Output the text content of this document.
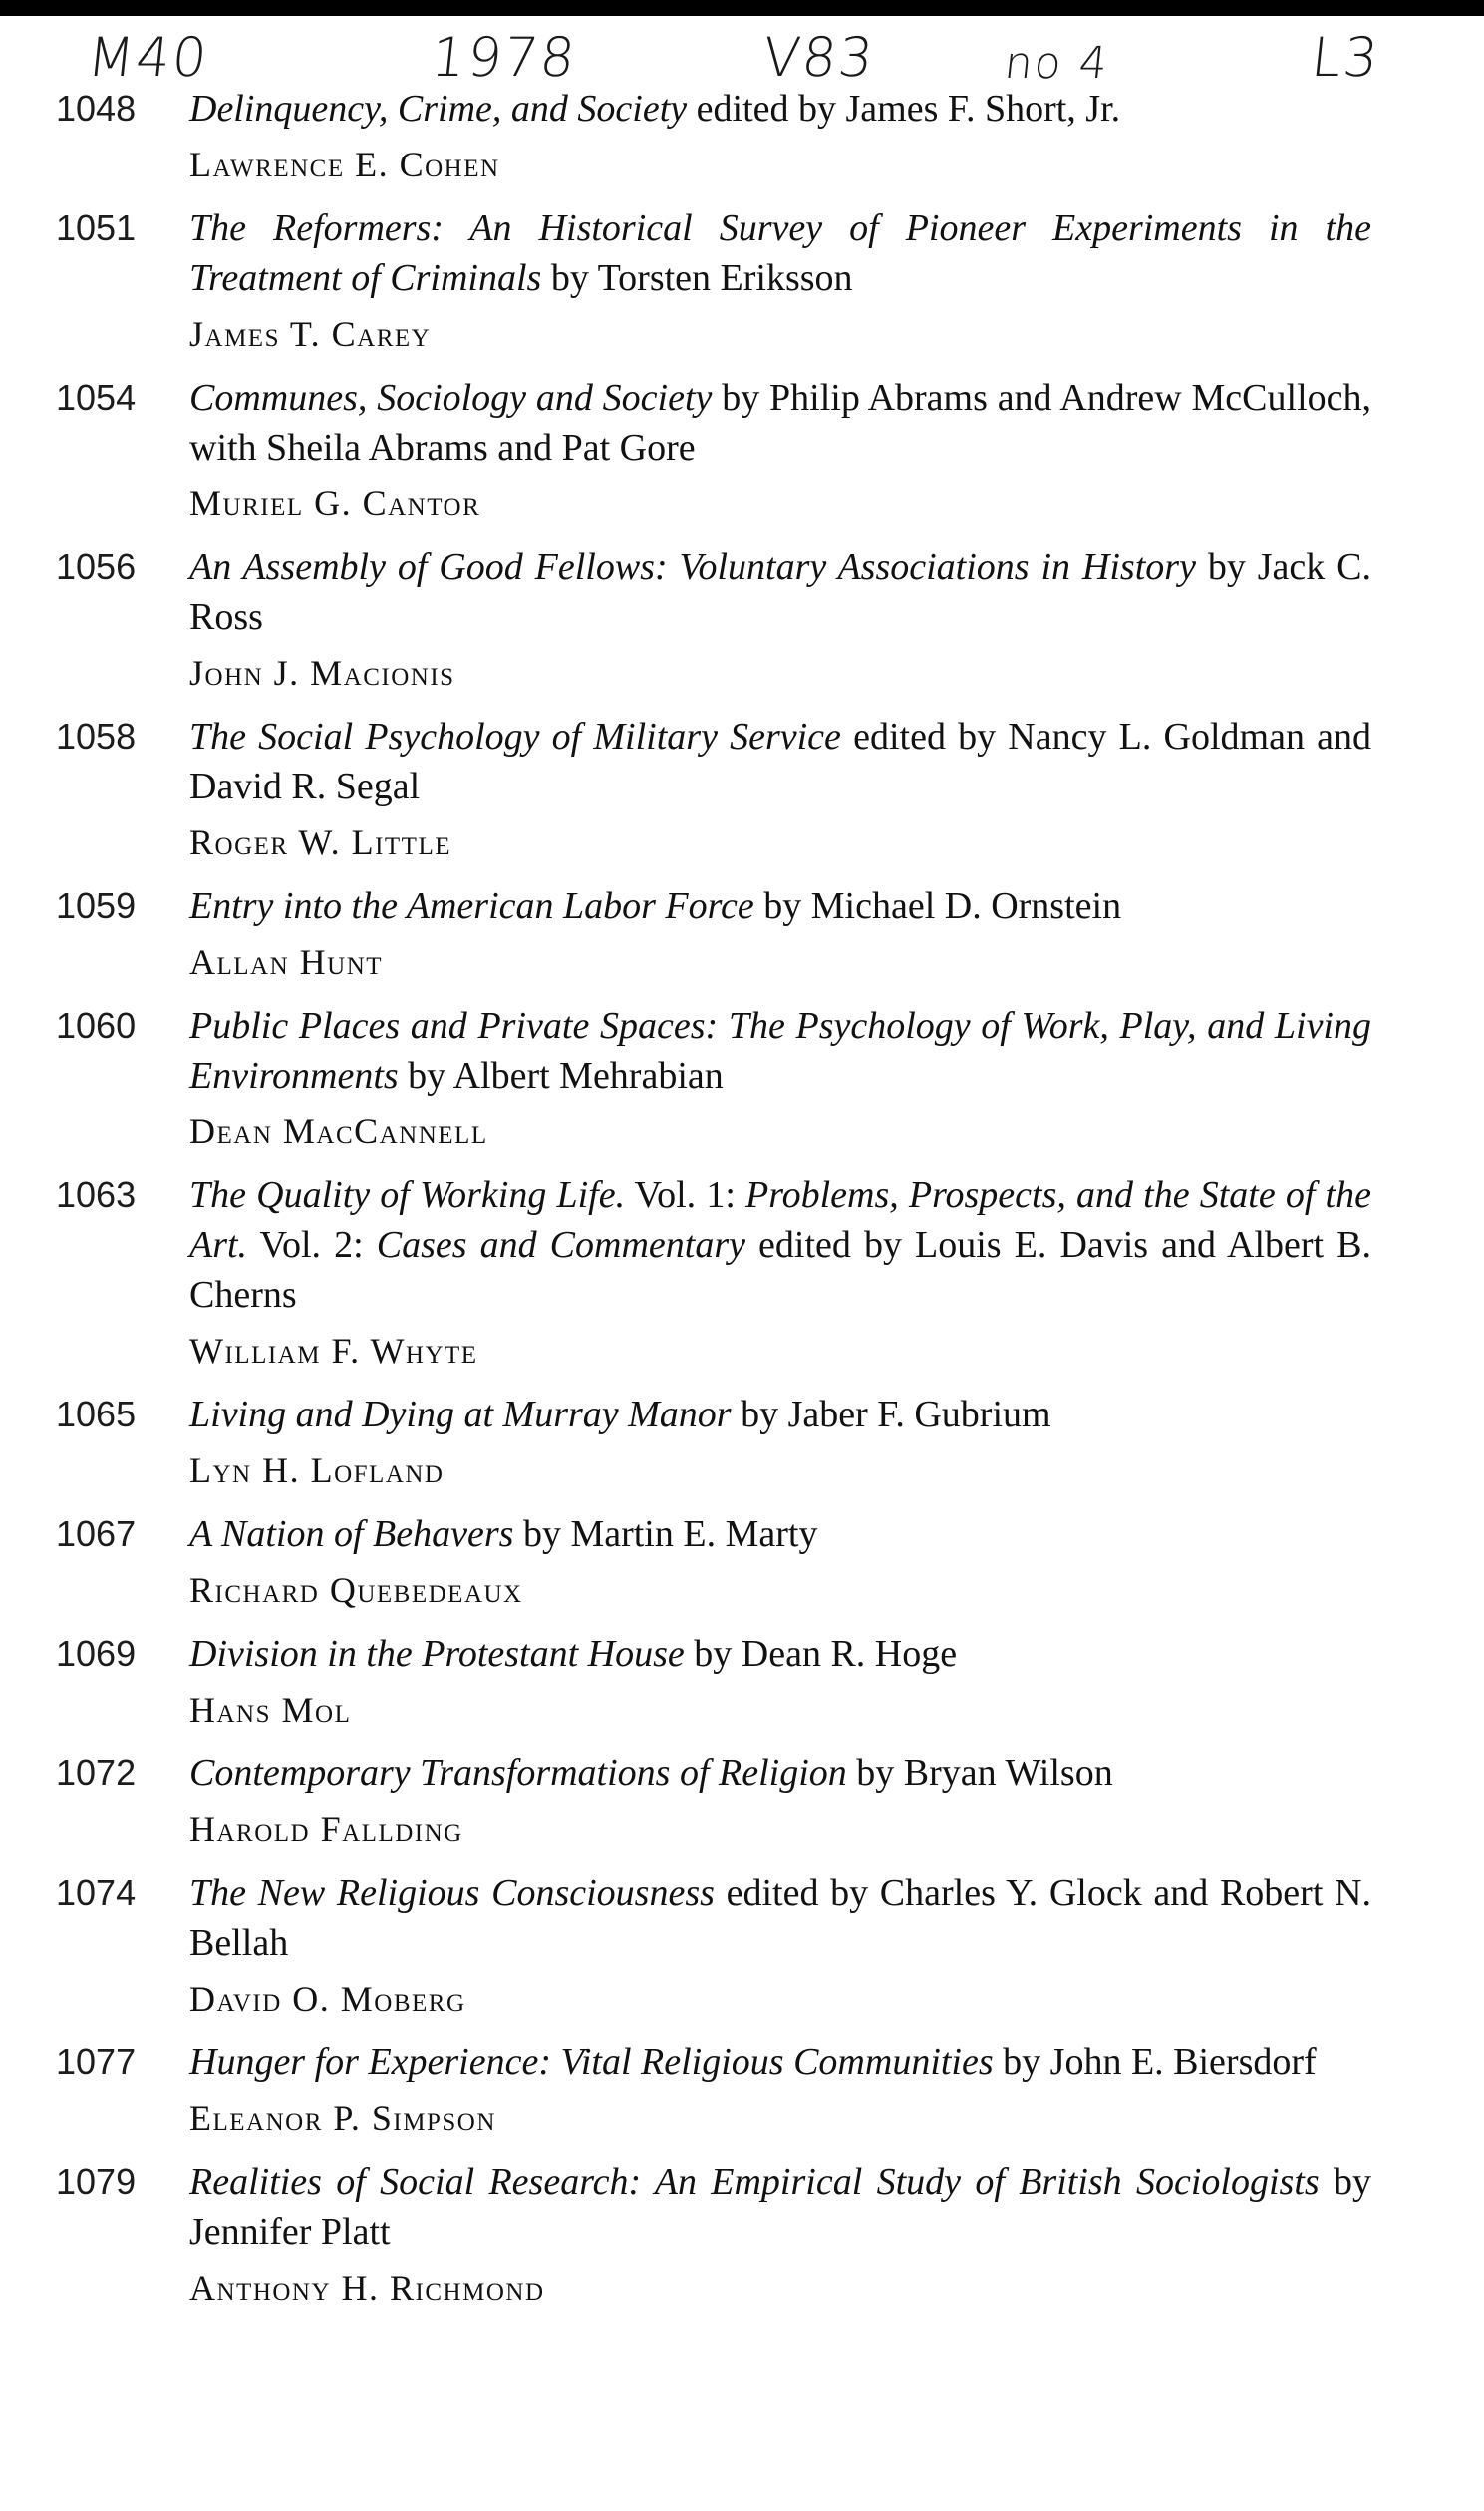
Μ40	1978	V83	no 4	L3
1048	Delinquency, Crime, and Society edited by James F. Short, Jr.
Lawrence E. Cohen
1051	The Reformers: An Historical Survey of Pioneer Experiments in the Treatment of Criminals by Torsten Eriksson
James T. Carey
1054	Communes, Sociology and Society by Philip Abrams and Andrew McCulloch, with Sheila Abrams and Pat Gore
Muriel G. Cantor
1056	An Assembly of Good Fellows: Voluntary Associations in History by Jack C. Ross
John J. Macionis
1058	The Social Psychology of Military Service edited by Nancy L. Goldman and David R. Segal
Roger W. Little
1059	Entry into the American Labor Force by Michael D. Ornstein
Allan Hunt
1060	Public Places and Private Spaces: The Psychology of Work, Play, and Living Environments by Albert Mehrabian
Dean MacCannell
1063	The Quality of Working Life. Vol. 1: Problems, Prospects, and the State of the Art. Vol. 2: Cases and Commentary edited by Louis E. Davis and Albert B. Cherns
William F. Whyte
1065	Living and Dying at Murray Manor by Jaber F. Gubrium
Lyn H. Lofland
1067	A Nation of Behavers by Martin E. Marty
Richard Quebedeaux
1069	Division in the Protestant House by Dean R. Hoge
Hans Mol
1072	Contemporary Transformations of Religion by Bryan Wilson
Harold Fallding
1074	The New Religious Consciousness edited by Charles Y. Glock and Robert N. Bellah
David O. Moberg
1077	Hunger for Experience: Vital Religious Communities by John E. Biersdorf
Eleanor P. Simpson
1079	Realities of Social Research: An Empirical Study of British Sociologists by Jennifer Platt
Anthony H. Richmond
